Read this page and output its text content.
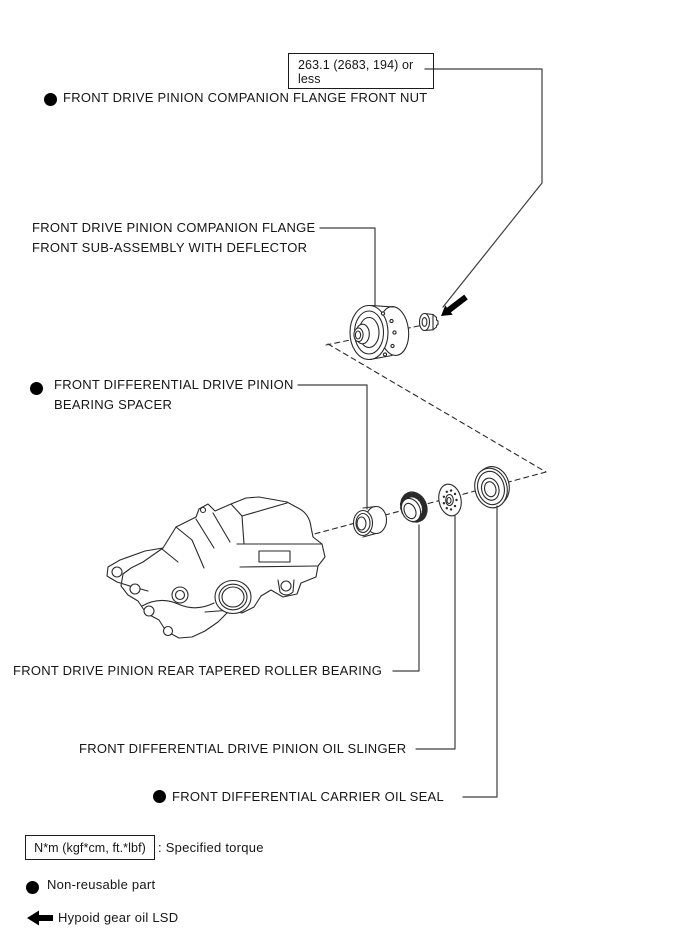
263.1 (2683, 194) or less
FRONT DRIVE PINION COMPANION FLANGE FRONT NUT
FRONT DRIVE PINION COMPANION FLANGE
FRONT SUB-ASSEMBLY WITH DEFLECTOR
FRONT DIFFERENTIAL DRIVE PINION
BEARING SPACER
FRONT DRIVE PINION REAR TAPERED ROLLER BEARING
FRONT DIFFERENTIAL DRIVE PINION OIL SLINGER
FRONT DIFFERENTIAL CARRIER OIL SEAL
N*m (kgf*cm, ft.*lbf) : Specified torque
Non-reusable part
Hypoid gear oil LSD
